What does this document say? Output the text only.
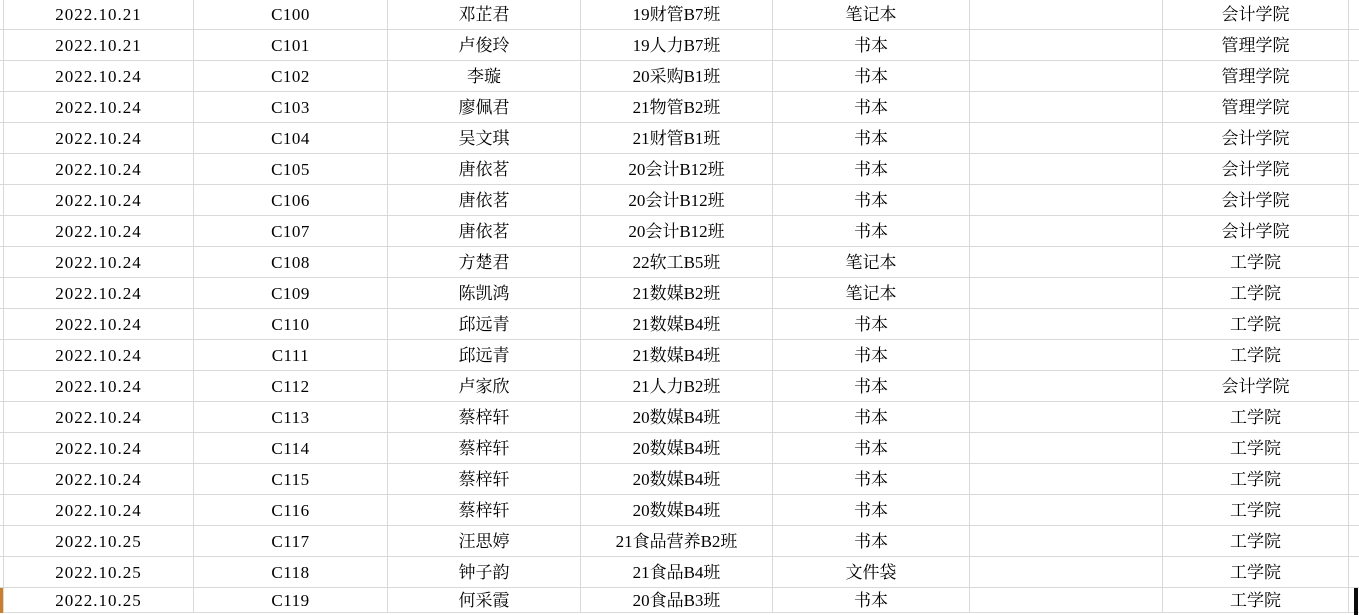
2022.10.21	C100	邓芷君	19财管B7班	笔记本	会计学院
2022.10.21	C101	卢俊玲	19人力B7班	书本	管理学院
2022.10.24	C102	李璇	20采购B1班	书本	管理学院
2022.10.24	C103	廖佩君	21物管B2班	书本	管理学院
2022.10.24	C104	吴文琪	21财管B1班	书本	会计学院
2022.10.24	C105	唐依茗	20会计B12班	书本	会计学院
2022.10.24	C106	唐依茗	20会计B12班	书本	会计学院
2022.10.24	C107	唐依茗	20会计B12班	书本	会计学院
2022.10.24	C108	方楚君	22软工B5班	笔记本	工学院
2022.10.24	C109	陈凯鸿	21数媒B2班	笔记本	工学院
2022.10.24	C110	邱远青	21数媒B4班	书本	工学院
2022.10.24	C111	邱远青	21数媒B4班	书本	工学院
2022.10.24	C112	卢家欣	21人力B2班	书本	会计学院
2022.10.24	C113	蔡梓轩	20数媒B4班	书本	工学院
2022.10.24	C114	蔡梓轩	20数媒B4班	书本	工学院
2022.10.24	C115	蔡梓轩	20数媒B4班	书本	工学院
2022.10.24	C116	蔡梓轩	20数媒B4班	书本	工学院
2022.10.25	C117	汪思婷	21食品营养B2班	书本	工学院
2022.10.25	C118	钟子韵	21食品B4班	文件袋	工学院
2022.10.25	C119	何采霞	20食品B3班	书本	工学院
